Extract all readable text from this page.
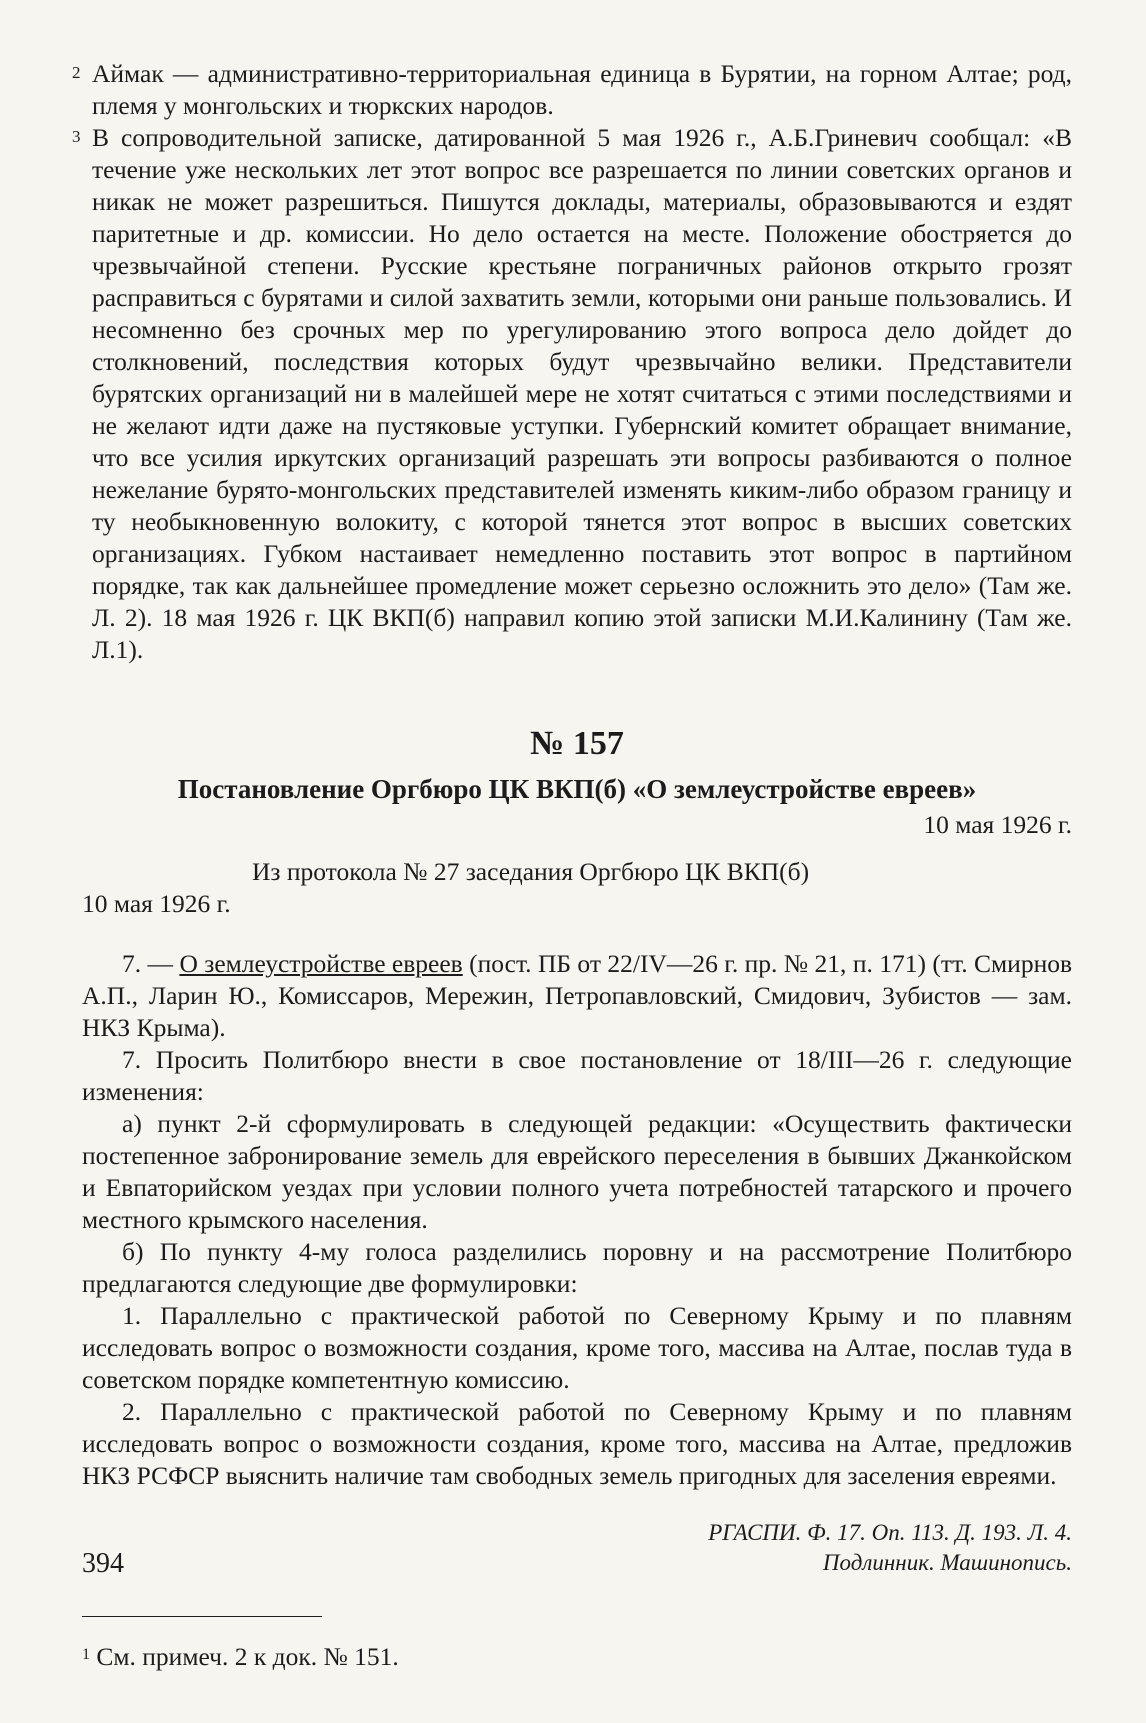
2 Аймак — административно-территориальная единица в Бурятии, на горном Алтае; род, племя у монгольских и тюркских народов.

3 В сопроводительной записке, датированной 5 мая 1926 г., А.Б.Гриневич сообщал: «В течение уже нескольких лет этот вопрос все разрешается по линии советских органов и никак не может разрешиться. Пишутся доклады, материалы, образовываются и ездят паритетные и др. комиссии. Но дело остается на месте. Положение обостряется до чрезвычайной степени. Русские крестьяне пограничных районов открыто грозят расправиться с бурятами и силой захватить земли, которыми они раньше пользовались. И несомненно без срочных мер по урегулированию этого вопроса дело дойдет до столкновений, последствия которых будут чрезвычайно велики. Представители бурятских организаций ни в малейшей мере не хотят считаться с этими последствиями и не желают идти даже на пустяковые уступки. Губернский комитет обращает внимание, что все усилия иркутских организаций разрешать эти вопросы разбиваются о полное нежелание бурято-монгольских представителей изменять киким-либо образом границу и ту необыкновенную волокиту, с которой тянется этот вопрос в высших советских организациях. Губком настаивает немедленно поставить этот вопрос в партийном порядке, так как дальнейшее промедление может серьезно осложнить это дело» (Там же. Л. 2). 18 мая 1926 г. ЦК ВКП(б) направил копию этой записки М.И.Калинину (Там же. Л.1).

№ 157
Постановление Оргбюро ЦК ВКП(б) «О землеустройстве евреев»
10 мая 1926 г.
Из протокола № 27 заседания Оргбюро ЦК ВКП(б)
10 мая 1926 г.

7. — О землеустройстве евреев (пост. ПБ от 22/IV—26 г. пр. № 21, п. 171) (тт. Смирнов А.П., Ларин Ю., Комиссаров, Мережин, Петропавловский, Смидович, Зубистов — зам. НКЗ Крыма).

7. Просить Политбюро внести в свое постановление от 18/III—26 г. следующие изменения:

а) пункт 2-й сформулировать в следующей редакции: «Осуществить фактически постепенное забронирование земель для еврейского переселения в бывших Джанкойском и Евпаторийском уездах при условии полного учета потребностей татарского и прочего местного крымского населения.

б) По пункту 4-му голоса разделились поровну и на рассмотрение Политбюро предлагаются следующие две формулировки:

1. Параллельно с практической работой по Северному Крыму и по плавням исследовать вопрос о возможности создания, кроме того, массива на Алтае, послав туда в советском порядке компетентную комиссию.

2. Параллельно с практической работой по Северному Крыму и по плавням исследовать вопрос о возможности создания, кроме того, массива на Алтае, предложив НКЗ РСФСР выяснить наличие там свободных земель пригодных для заселения евреями.

РГАСПИ. Ф. 17. Оп. 113. Д. 193. Л. 4.
Подлинник. Машинопись.

$^1$ См. примеч. 2 к док. № 151.

394
